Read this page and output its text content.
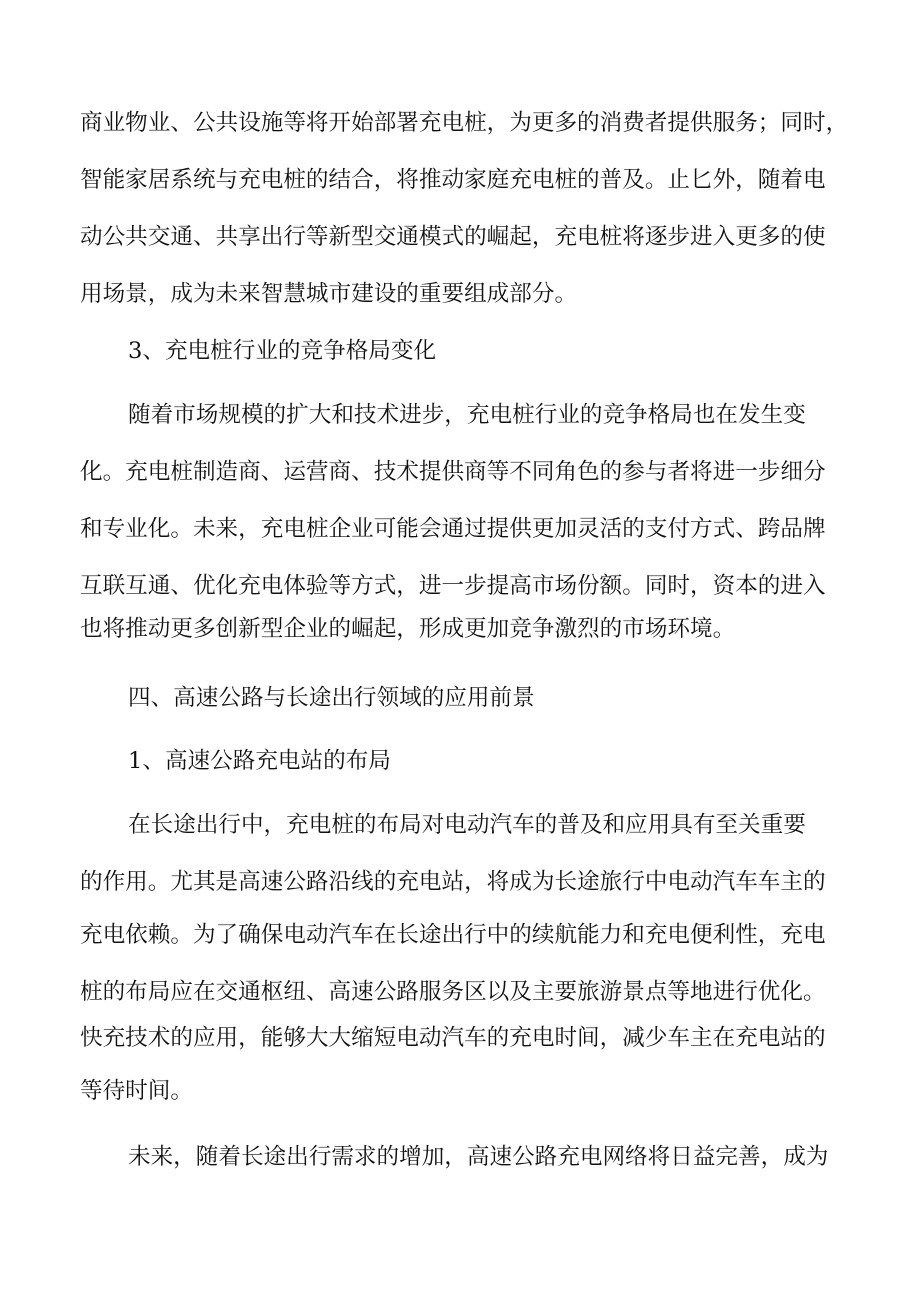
商业物业、公共设施等将开始部署充电桩，为更多的消费者提供服务；同时，
智能家居系统与充电桩的结合，将推动家庭充电桩的普及。止匕外，随着电
动公共交通、共享出行等新型交通模式的崛起，充电桩将逐步进入更多的使
用场景，成为未来智慧城市建设的重要组成部分。
3、充电桩行业的竞争格局变化
随着市场规模的扩大和技术进步，充电桩行业的竞争格局也在发生变
化。充电桩制造商、运营商、技术提供商等不同角色的参与者将进一步细分
和专业化。未来，充电桩企业可能会通过提供更加灵活的支付方式、跨品牌
互联互通、优化充电体验等方式，进一步提高市场份额。同时，资本的进入
也将推动更多创新型企业的崛起，形成更加竞争激烈的市场环境。
四、高速公路与长途出行领域的应用前景
1、高速公路充电站的布局
在长途出行中，充电桩的布局对电动汽车的普及和应用具有至关重要
的作用。尤其是高速公路沿线的充电站，将成为长途旅行中电动汽车车主的
充电依赖。为了确保电动汽车在长途出行中的续航能力和充电便利性，充电
桩的布局应在交通枢纽、高速公路服务区以及主要旅游景点等地进行优化。
快充技术的应用，能够大大缩短电动汽车的充电时间，减少车主在充电站的
等待时间。
未来，随着长途出行需求的增加，高速公路充电网络将日益完善，成为
